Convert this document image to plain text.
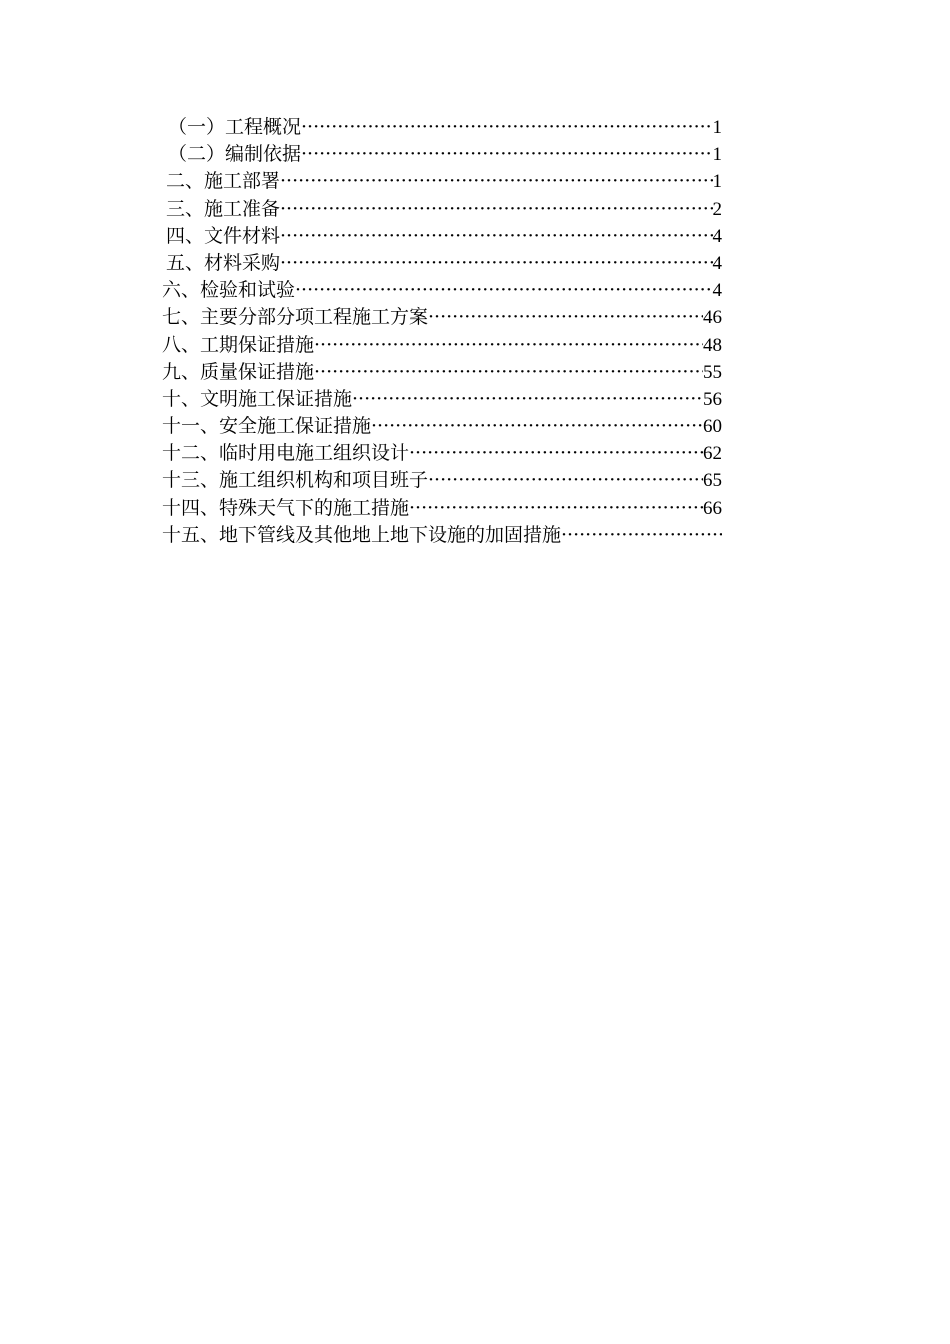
（一）工程概况 ·····	1
（二）编制依据 ·····	1
二、施工部署 ·····	1
三、施工准备 ·····	2
四、文件材料 ·····	4
五、材料采购 ·····	4
六、检验和试验 ·····	4
七、主要分部分项工程施工方案 ·····	46
八、工期保证措施 ·····	48
九、质量保证措施 ·····	55
十、文明施工保证措施 ·····	56
十一、安全施工保证措施 ·····	60
十二、临时用电施工组织设计 ·····	62
十三、施工组织机构和项目班子 ·····	65
十四、特殊天气下的施工措施 ·····	66
十五、地下管线及其他地上地下设施的加固措施
·····
